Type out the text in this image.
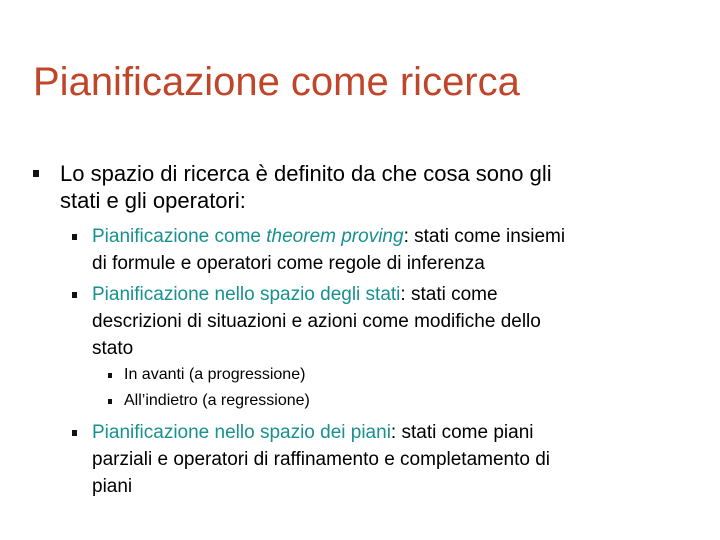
Pianificazione come ricerca
Lo spazio di ricerca è definito da che cosa sono gli
stati e gli operatori:
Pianificazione come theorem proving: stati come insiemi
di formule e operatori come regole di inferenza
Pianificazione nello spazio degli stati: stati come
descrizioni di situazioni e azioni come modifiche dello
stato
In avanti (a progressione)
All’indietro (a regressione)
Pianificazione nello spazio dei piani: stati come piani
parziali e operatori di raffinamento e completamento di
piani
